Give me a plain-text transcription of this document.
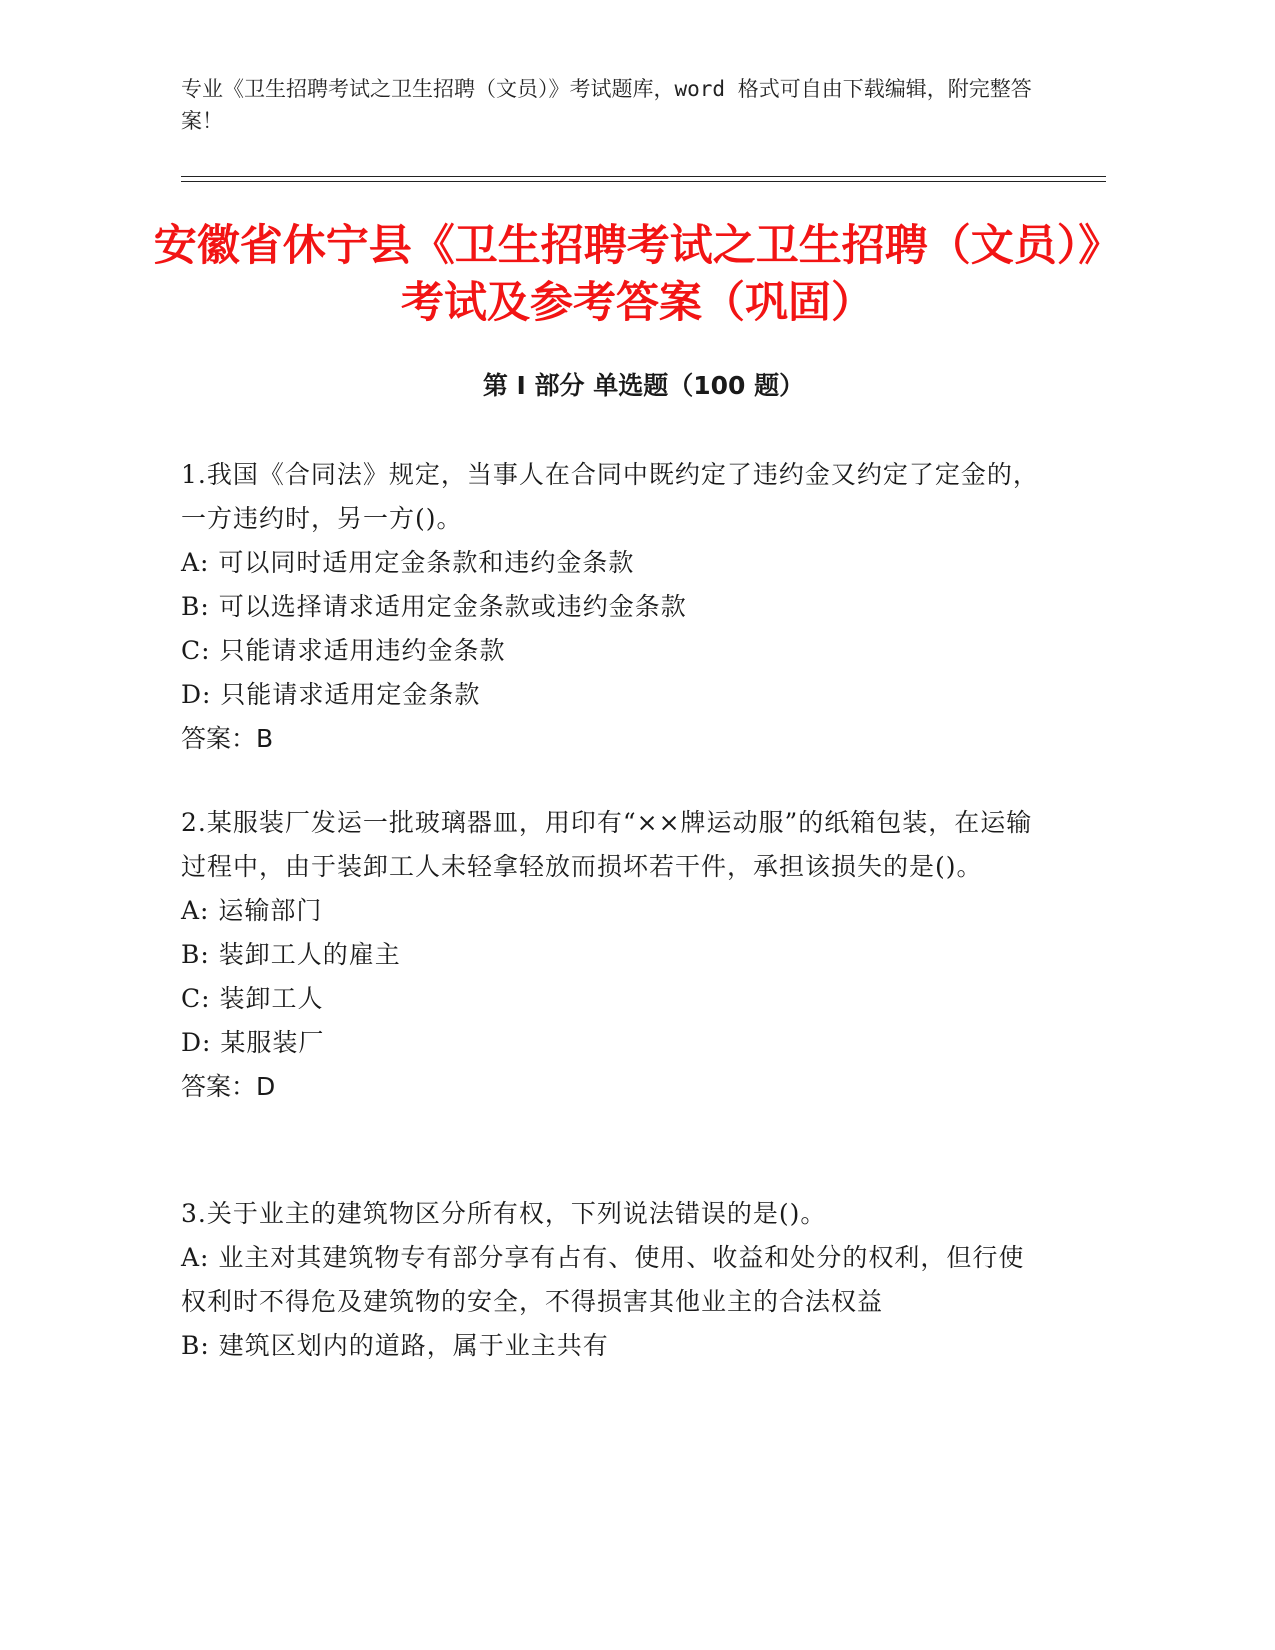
专业《卫生招聘考试之卫生招聘（文员）》考试题库，word 格式可自由下载编辑，附完整答案！
安徽省休宁县《卫生招聘考试之卫生招聘（文员）》考试及参考答案（巩固）
第 I 部分 单选题（100 题）

1.我国《合同法》规定，当事人在合同中既约定了违约金又约定了定金的，一方违约时，另一方()。

A: 可以同时适用定金条款和违约金条款

B: 可以选择请求适用定金条款或违约金条款

C: 只能请求适用违约金条款

D: 只能请求适用定金条款

答案：B

2.某服装厂发运一批玻璃器皿，用印有“××牌运动服”的纸箱包装，在运输过程中，由于装卸工人未轻拿轻放而损坏若干件，承担该损失的是()。

A: 运输部门

B: 装卸工人的雇主

C: 装卸工人

D: 某服装厂

答案：D

3.关于业主的建筑物区分所有权，下列说法错误的是()。

A: 业主对其建筑物专有部分享有占有、使用、收益和处分的权利，但行使权利时不得危及建筑物的安全，不得损害其他业主的合法权益

B: 建筑区划内的道路，属于业主共有
